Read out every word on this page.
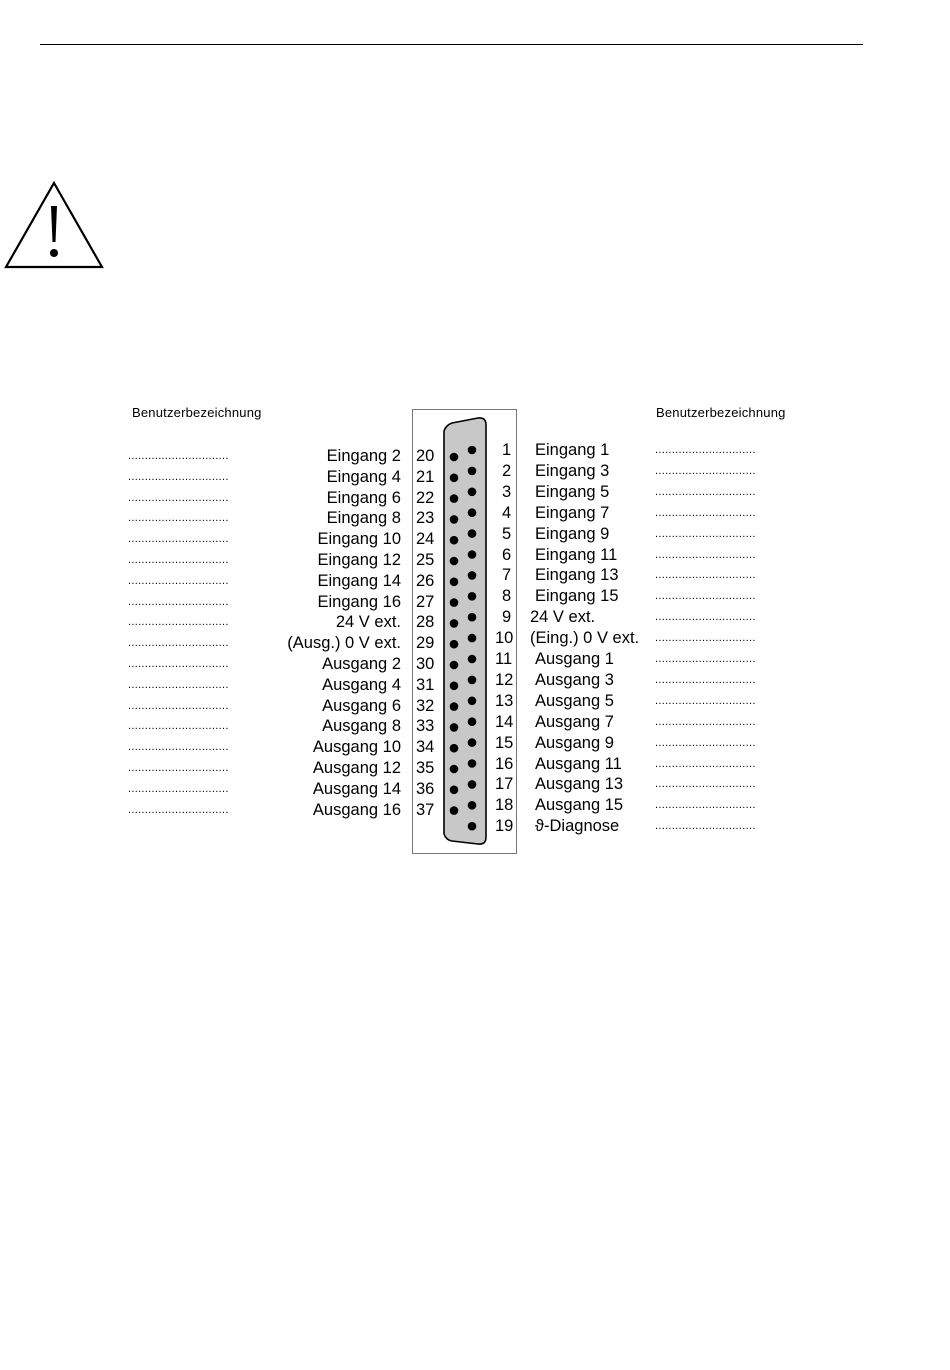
Benutzerbezeichnung	Benutzerbezeichnung
..............................	Eingang 2 20
..............................	Eingang 4 21
..............................	Eingang 6 22
..............................	Eingang 8 23
..............................	Eingang 10 24
..............................	Eingang 12 25
..............................	Eingang 14 26
..............................	Eingang 16 27
..............................	24 V ext. 28
..............................	(Ausg.) 0 V ext. 29
..............................	Ausgang 2 30
..............................	Ausgang 4 31
..............................	Ausgang 6 32
..............................	Ausgang 8 33
..............................	Ausgang 10 34
..............................	Ausgang 12 35
..............................	Ausgang 14 36
..............................	Ausgang 16 37
1 Eingang 1	..............................
2 Eingang 3	..............................
3 Eingang 5	..............................
4 Eingang 7	..............................
5 Eingang 9	..............................
6 Eingang 11	..............................
7 Eingang 13	..............................
8 Eingang 15	..............................
9 24 V ext.	..............................
10 (Eing.) 0 V ext. ..............................
11 Ausgang 1	..............................
12 Ausgang 3	..............................
13 Ausgang 5	..............................
14 Ausgang 7	..............................
15 Ausgang 9	..............................
16 Ausgang 11	..............................
17 Ausgang 13	..............................
18 Ausgang 15	..............................
19 ϑ-Diagnose	..............................
